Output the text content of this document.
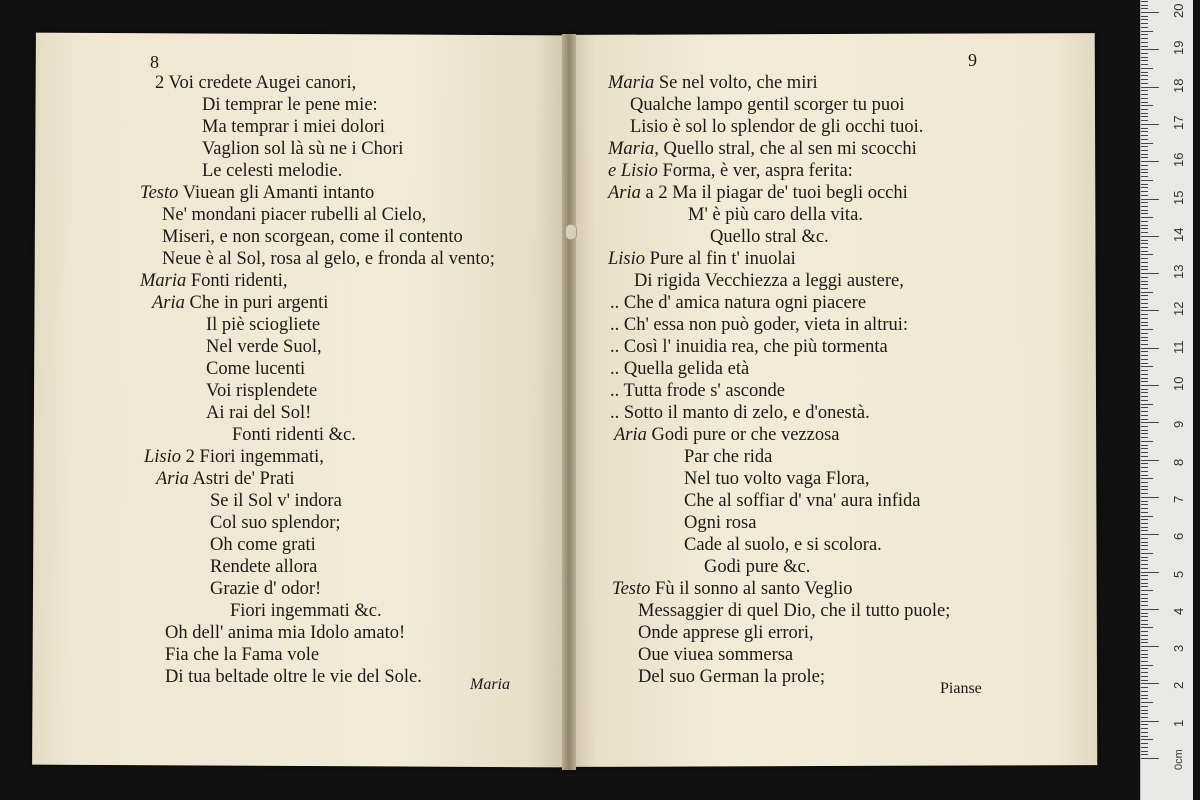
8	9
Maria	Pianse
2 Voi credete Augei canori,
Di temprar le pene mie:
Ma temprar i miei dolori
Vaglion sol là sù ne i Chori
Le celesti melodie.
Testo Viuean gli Amanti intanto
Ne' mondani piacer rubelli al Cielo,
Miseri, e non scorgean, come il contento
Neue è al Sol, rosa al gelo, e fronda al vento;
Maria Fonti ridenti,
Aria Che in puri argenti
Il piè sciogliete
Nel verde Suol,
Come lucenti
Voi risplendete
Ai rai del Sol!
Fonti ridenti &c.
Lisio 2 Fiori ingemmati,
Aria Astri de' Prati
Se il Sol v' indora
Col suo splendor;
Oh come grati
Rendete allora
Grazie d' odor!
Fiori ingemmati &c.
Oh dell' anima mia Idolo amato!
Fia che la Fama vole
Di tua beltade oltre le vie del Sole.
Maria Se nel volto, che miri
Qualche lampo gentil scorger tu puoi
Lisio è sol lo splendor de gli occhi tuoi.
Maria, Quello stral, che al sen mi scocchi
e Lisio Forma, è ver, aspra ferita:
Aria a 2 Ma il piagar de' tuoi begli occhi
M' è più caro della vita.
Quello stral &c.
Lisio Pure al fin t' inuolai
Di rigida Vecchiezza a leggi austere,
.. Che d' amica natura ogni piacere
.. Ch' essa non può goder, vieta in altrui:
.. Così l' inuidia rea, che più tormenta
.. Quella gelida età
.. Tutta frode s' asconde
.. Sotto il manto di zelo, e d'onestà.
Aria Godi pure or che vezzosa
Par che rida
Nel tuo volto vaga Flora,
Che al soffiar d' vna' aura infida
Ogni rosa
Cade al suolo, e si scolora.
Godi pure &c.
Testo Fù il sonno al santo Veglio
Messaggier di quel Dio, che il tutto puole;
Onde apprese gli errori,
Oue viuea sommersa
Del suo German la prole;
0cm
1
2
3
4
5
6
7
8
9
10
11
12
13
14
15
16
17
18
19
20
